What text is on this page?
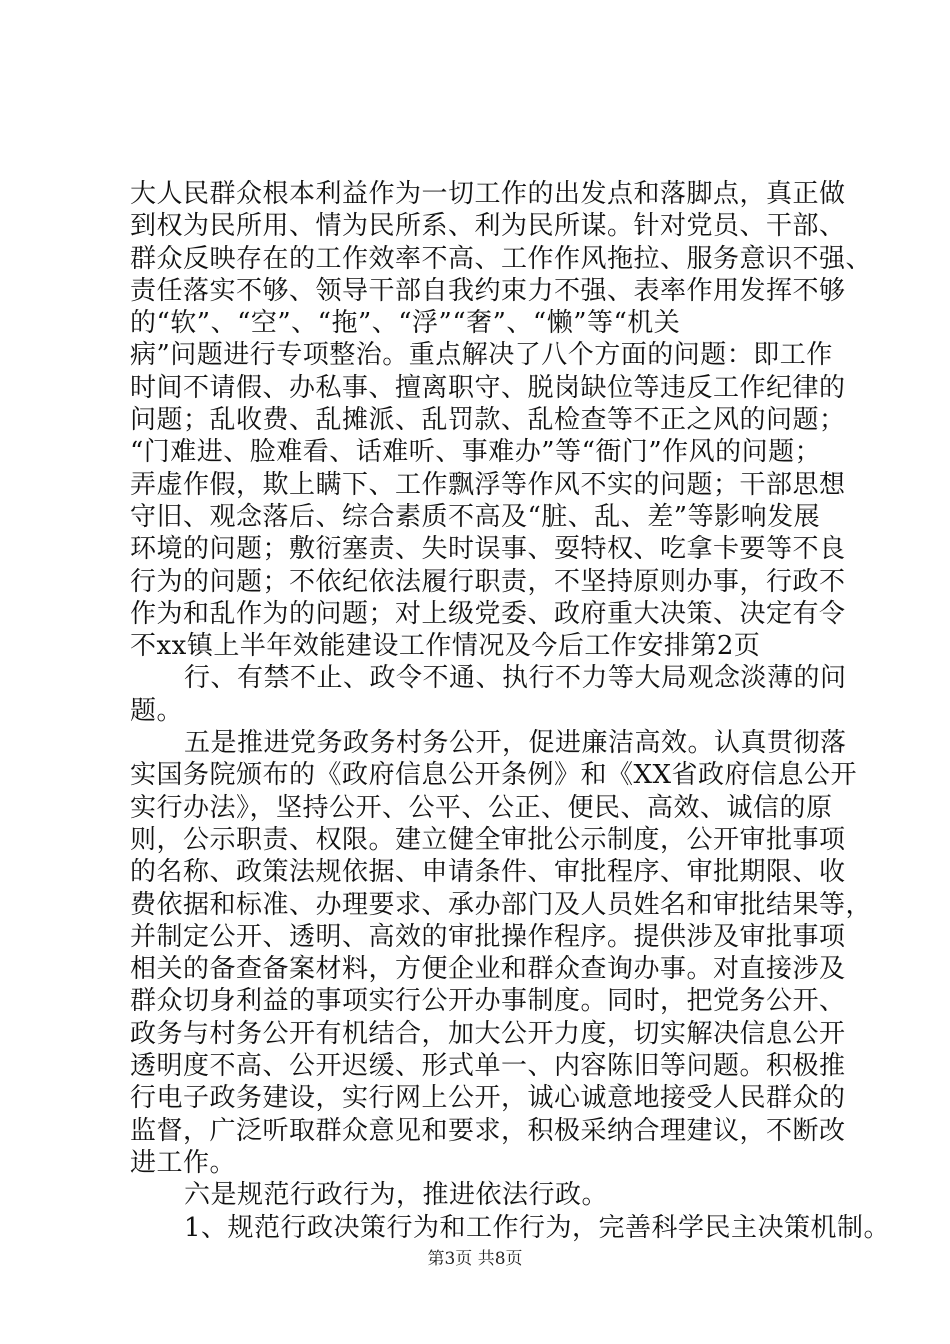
大人民群众根本利益作为一切工作的出发点和落脚点，真正做
到权为民所用、情为民所系、利为民所谋。针对党员、干部、
群众反映存在的工作效率不高、工作作风拖拉、服务意识不强、
责任落实不够、领导干部自我约束力不强、表率作用发挥不够
的“软”、“空”、“拖”、“浮”“奢”、“懒”等“机关
病”问题进行专项整治。重点解决了八个方面的问题：即工作
时间不请假、办私事、擅离职守、脱岗缺位等违反工作纪律的
问题；乱收费、乱摊派、乱罚款、乱检查等不正之风的问题；
“门难进、脸难看、话难听、事难办”等“衙门”作风的问题；
弄虚作假，欺上瞒下、工作飘浮等作风不实的问题；干部思想
守旧、观念落后、综合素质不高及“脏、乱、差”等影响发展
环境的问题；敷衍塞责、失时误事、耍特权、吃拿卡要等不良
行为的问题；不依纪依法履行职责，不坚持原则办事，行政不
作为和乱作为的问题；对上级党委、政府重大决策、决定有令
不xx镇上半年效能建设工作情况及今后工作安排第2页
行、有禁不止、政令不通、执行不力等大局观念淡薄的问
题。
五是推进党务政务村务公开，促进廉洁高效。认真贯彻落
实国务院颁布的《政府信息公开条例》和《XX省政府信息公开
实行办法》，坚持公开、公平、公正、便民、高效、诚信的原
则，公示职责、权限。建立健全审批公示制度，公开审批事项
的名称、政策法规依据、申请条件、审批程序、审批期限、收
费依据和标准、办理要求、承办部门及人员姓名和审批结果等，
并制定公开、透明、高效的审批操作程序。提供涉及审批事项
相关的备查备案材料，方便企业和群众查询办事。对直接涉及
群众切身利益的事项实行公开办事制度。同时，把党务公开、
政务与村务公开有机结合，加大公开力度，切实解决信息公开
透明度不高、公开迟缓、形式单一、内容陈旧等问题。积极推
行电子政务建设，实行网上公开，诚心诚意地接受人民群众的
监督，广泛听取群众意见和要求，积极采纳合理建议，不断改
进工作。
六是规范行政行为，推进依法行政。
1、规范行政决策行为和工作行为，完善科学民主决策机制。
第3页 共8页
